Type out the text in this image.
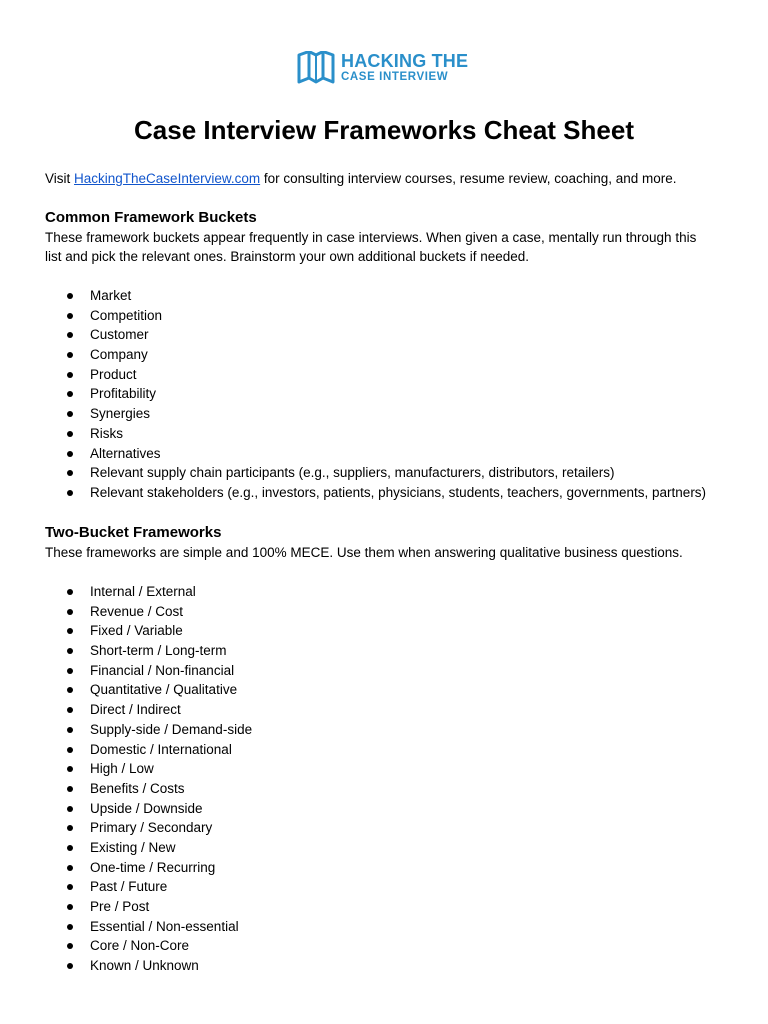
HACKING THE
CASE INTERVIEW
Case Interview Frameworks Cheat Sheet

Visit HackingTheCaseInterview.com for consulting interview courses, resume review, coaching, and more.

Common Framework Buckets
These framework buckets appear frequently in case interviews. When given a case, mentally run through this
list and pick the relevant ones. Brainstorm your own additional buckets if needed.
Market
Competition
Customer
Company
Product
Profitability
Synergies
Risks
Alternatives
Relevant supply chain participants (e.g., suppliers, manufacturers, distributors, retailers)
Relevant stakeholders (e.g., investors, patients, physicians, students, teachers, governments, partners)
Two-Bucket Frameworks
These frameworks are simple and 100% MECE. Use them when answering qualitative business questions.
Internal / External
Revenue / Cost
Fixed / Variable
Short-term / Long-term
Financial / Non-financial
Quantitative / Qualitative
Direct / Indirect
Supply-side / Demand-side
Domestic / International
High / Low
Benefits / Costs
Upside / Downside
Primary / Secondary
Existing / New
One-time / Recurring
Past / Future
Pre / Post
Essential / Non-essential
Core / Non-Core
Known / Unknown
